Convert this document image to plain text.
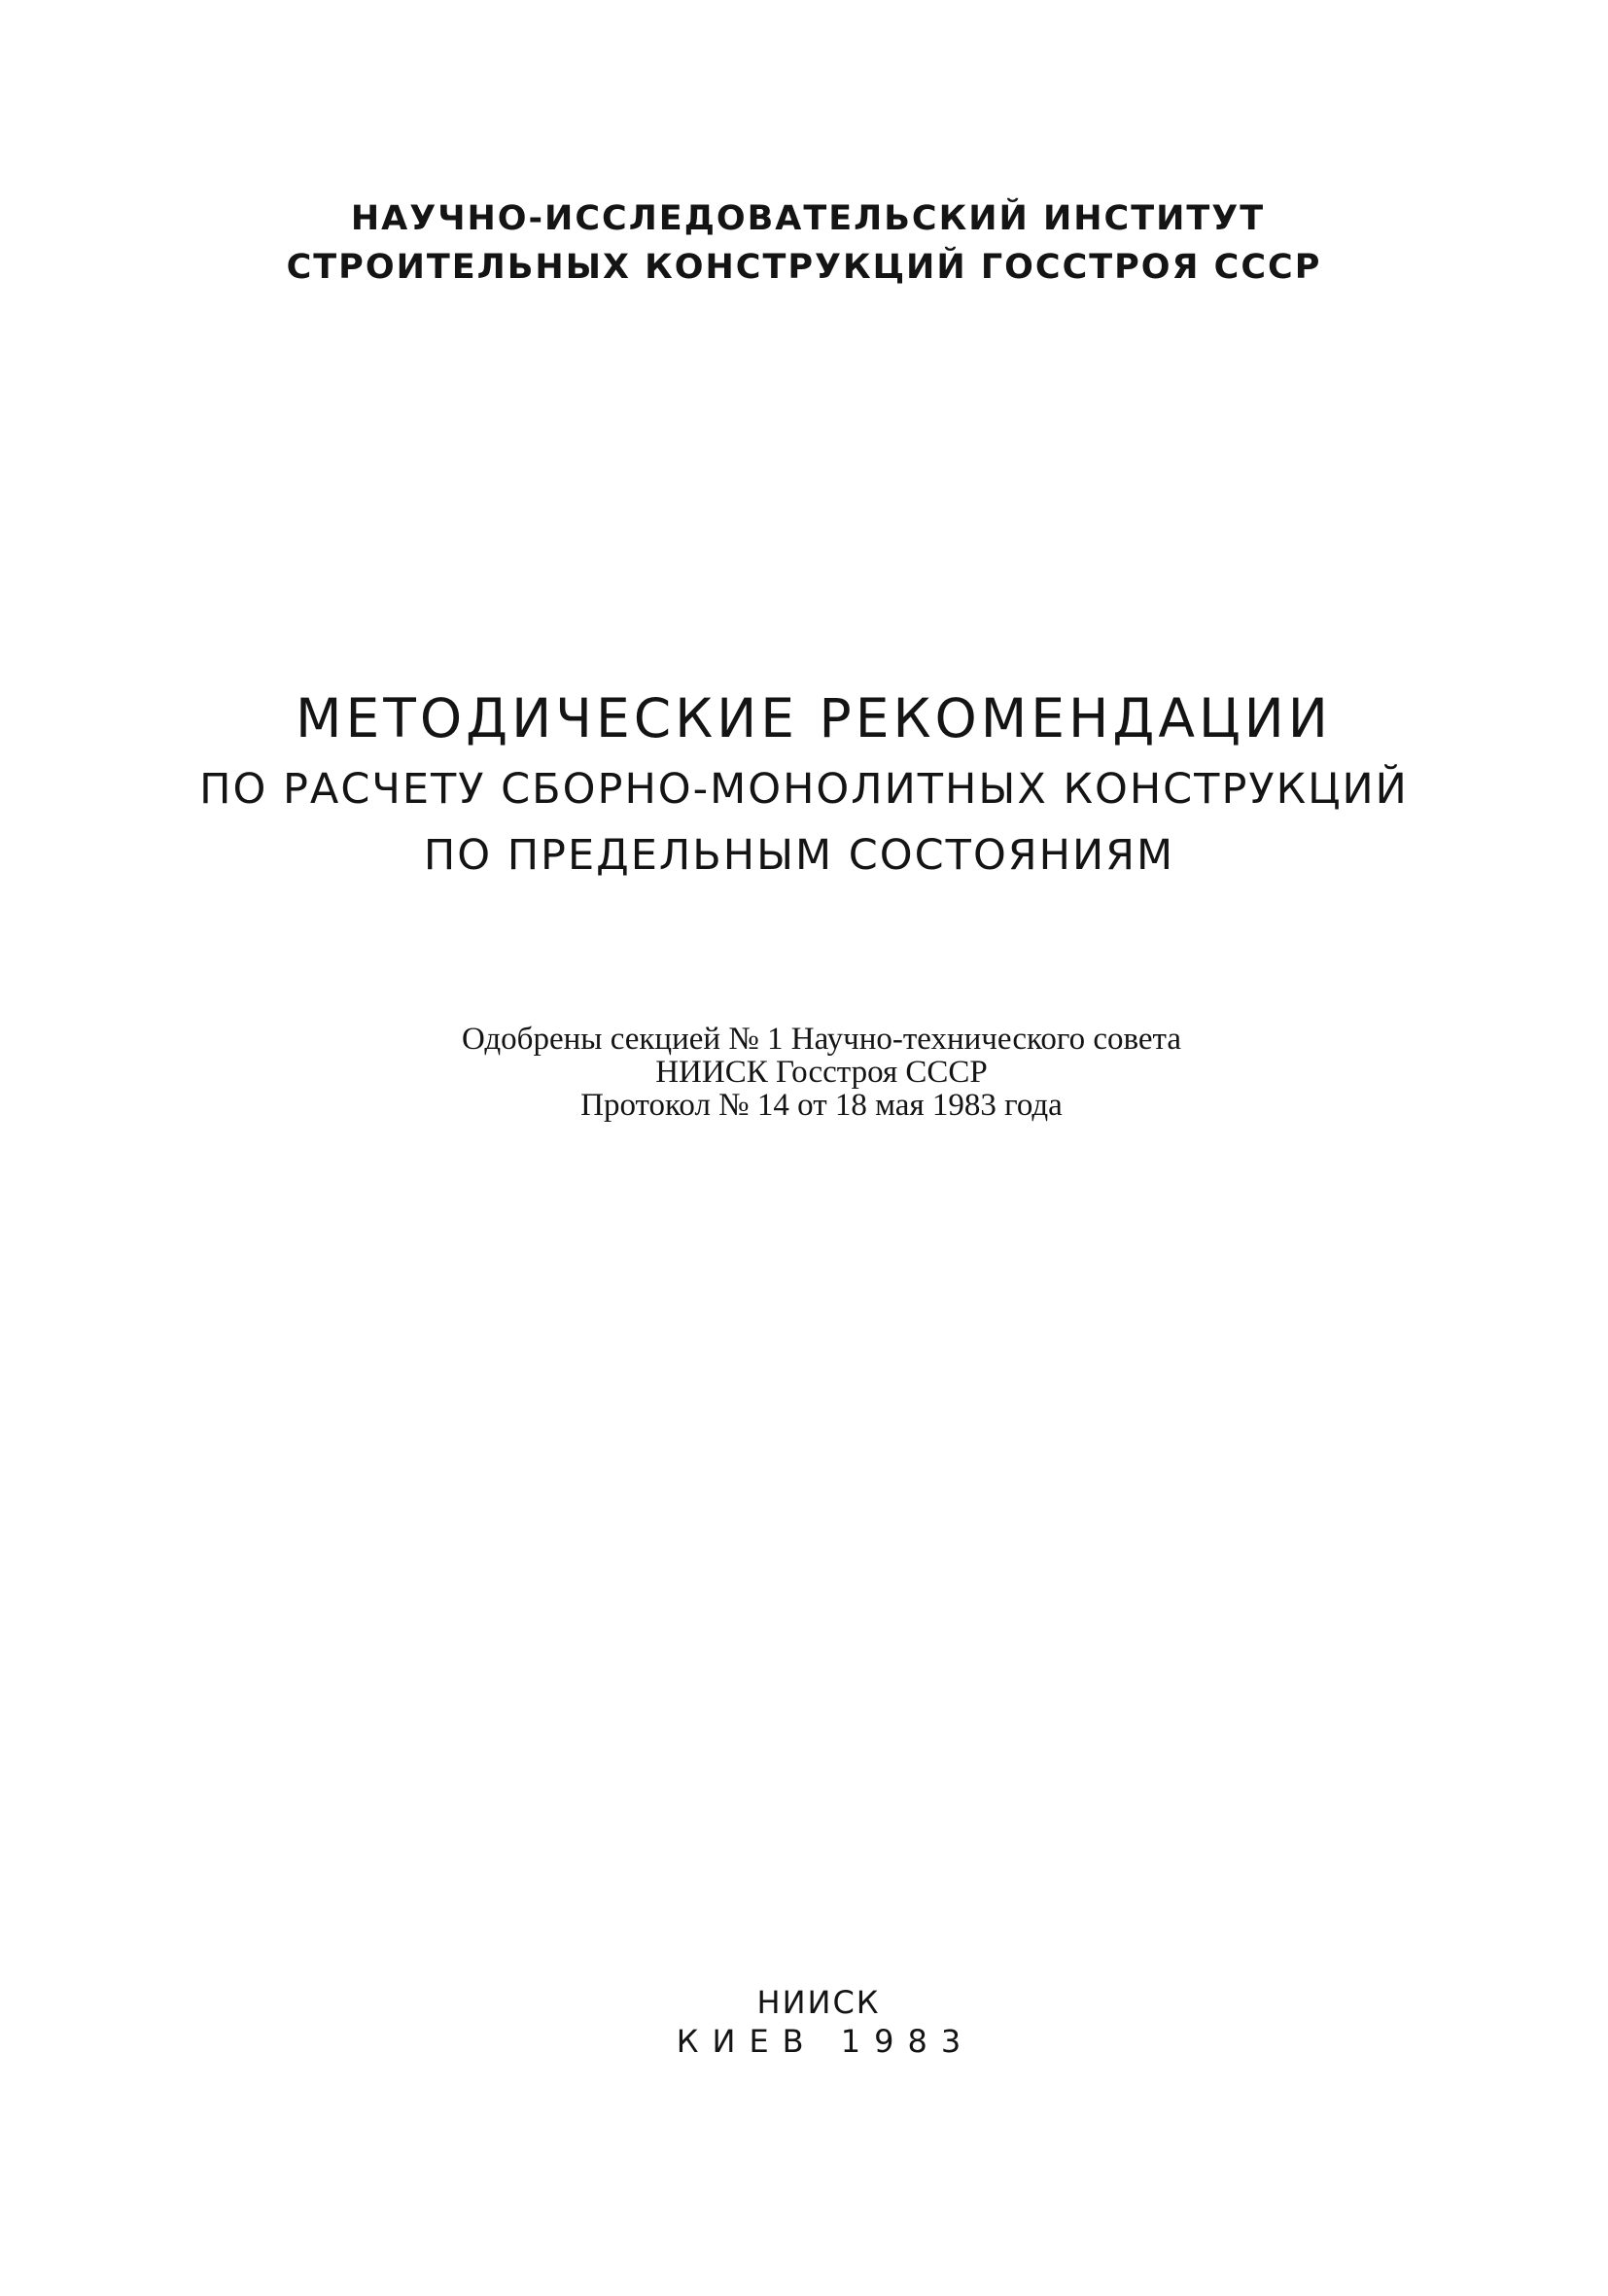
НАУЧНО-ИССЛЕДОВАТЕЛЬСКИЙ ИНСТИТУТ
СТРОИТЕЛЬНЫХ КОНСТРУКЦИЙ ГОССТРОЯ СССР
МЕТОДИЧЕСКИЕ РЕКОМЕНДАЦИИ
ПО РАСЧЕТУ СБОРНО-МОНОЛИТНЫХ КОНСТРУКЦИЙ
ПО ПРЕДЕЛЬНЫМ СОСТОЯНИЯМ
Одобрены секцией № 1 Научно-технического совета
НИИСК Госстроя СССР
Протокол № 14 от 18 мая 1983 года
НИИСК
КИЕВ 1983
